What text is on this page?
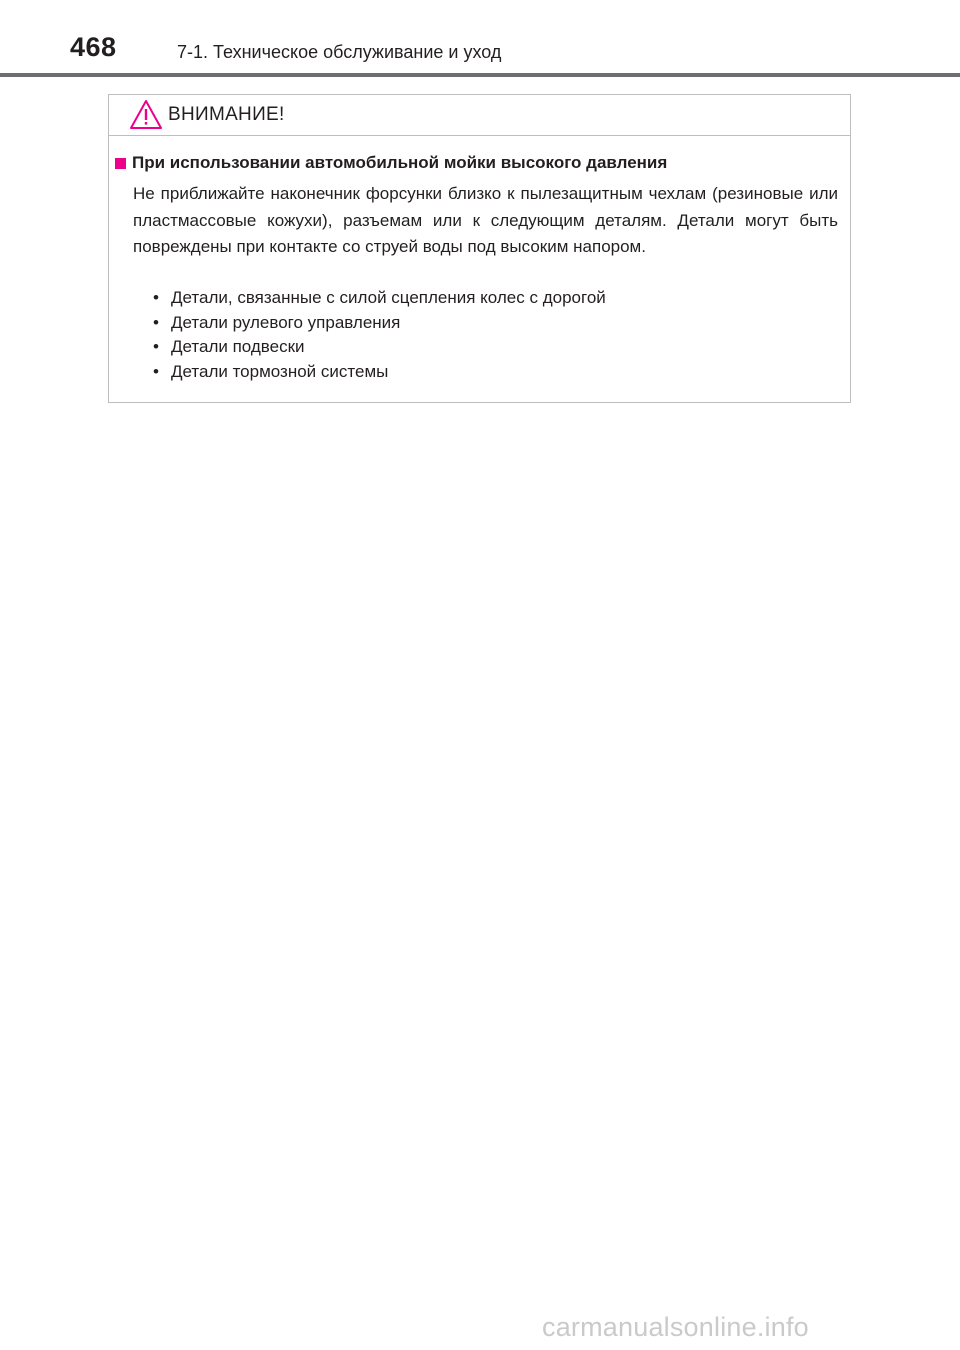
468	7-1. Техническое обслуживание и уход
ВНИМАНИЕ!
При использовании автомобильной мойки высокого давления
Не приближайте наконечник форсунки близко к пылезащитным чехлам (резиновые или пластмассовые кожухи), разъемам или к следующим деталям. Детали могут быть повреждены при контакте со струей воды под высоким напором.
• Детали, связанные с силой сцепления колес с дорогой
• Детали рулевого управления
• Детали подвески
• Детали тормозной системы
carmanualsonline.info
